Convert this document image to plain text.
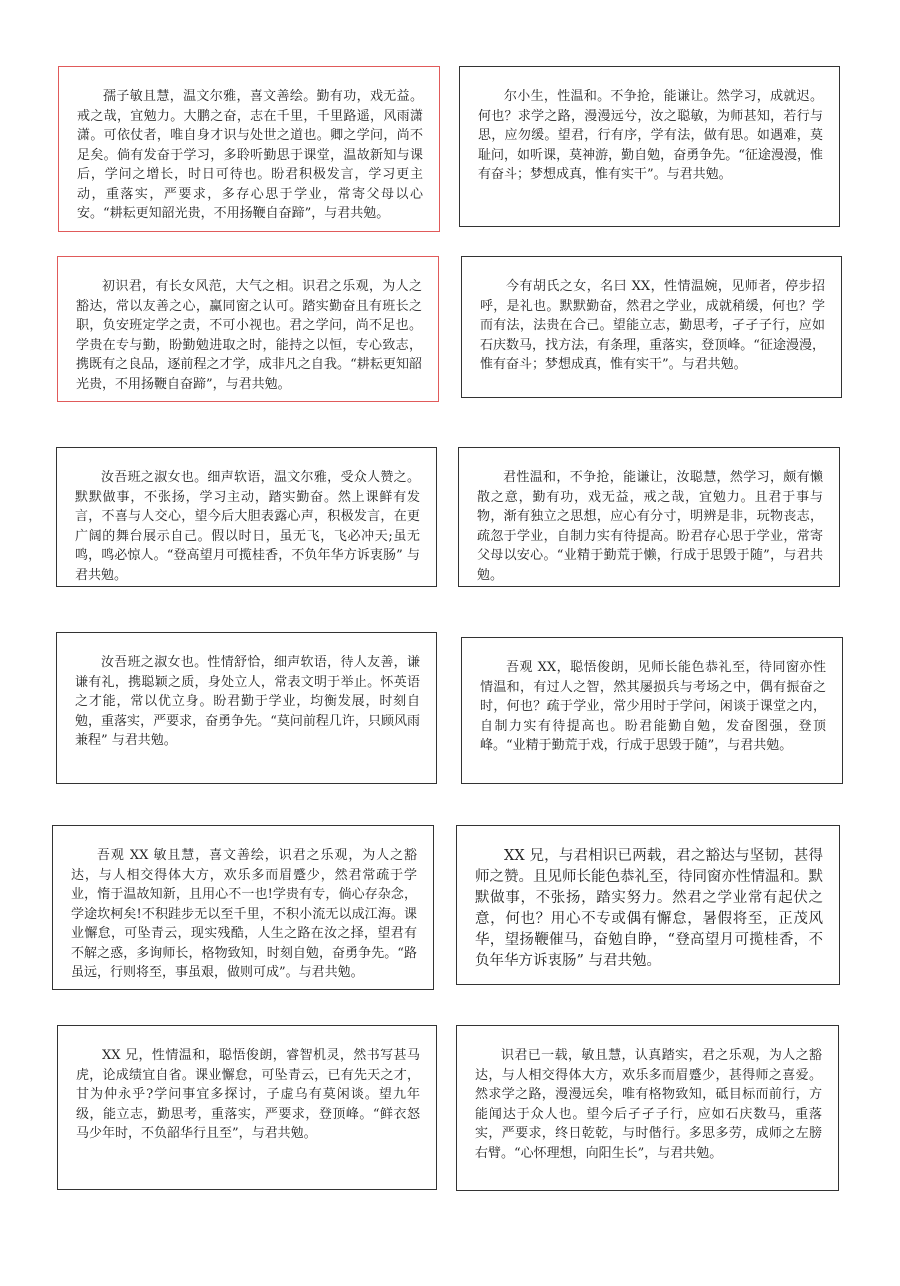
孺子敏且慧，温文尔雅，喜文善绘。勤有功，戏无益。戒之哉，宜勉力。大鹏之奋，志在千里，千里路遥，风雨潇潇。可依仗者，唯自身才识与处世之道也。卿之学问，尚不足矣。倘有发奋于学习，多聆听勤思于课堂，温故新知与课后，学问之增长，时日可待也。盼君积极发言，学习更主动，重落实，严要求，多存心思于学业，常寄父母以心安。“耕耘更知韶光贵，不用扬鞭自奋蹄”，与君共勉。

尔小生，性温和。不争抢，能谦让。然学习，成就迟。何也？求学之路，漫漫远兮，汝之聪敏，为师甚知，若行与思，应勿缓。望君，行有序，学有法，做有思。如遇难，莫耻问，如听课，莫神游，勤自勉，奋勇争先。“征途漫漫，惟有奋斗；梦想成真，惟有实干”。与君共勉。

初识君，有长女风范，大气之相。识君之乐观，为人之豁达，常以友善之心，赢同窗之认可。踏实勤奋且有班长之职，负安班定学之责，不可小视也。君之学问，尚不足也。学贵在专与勤，盼勤勉进取之时，能持之以恒，专心致志，携既有之良品，逐前程之才学，成非凡之自我。“耕耘更知韶光贵，不用扬鞭自奋蹄”，与君共勉。

今有胡氏之女，名曰 XX，性情温婉，见师者，停步招呼，是礼也。默默勤奋，然君之学业，成就稍缓，何也？学而有法，法贵在合己。望能立志，勤思考，孑孑子行，应如石庆数马，找方法，有条理，重落实，登顶峰。“征途漫漫，惟有奋斗；梦想成真，惟有实干”。与君共勉。

汝吾班之淑女也。细声软语，温文尔雅，受众人赞之。默默做事，不张扬，学习主动，踏实勤奋。然上课鲜有发言，不喜与人交心，望今后大胆表露心声，积极发言，在更广阔的舞台展示自己。假以时日，虽无飞，飞必冲天;虽无鸣，鸣必惊人。“登高望月可揽桂香，不负年华方诉衷肠” 与君共勉。

君性温和，不争抢，能谦让，汝聪慧，然学习，颇有懒散之意，勤有功，戏无益，戒之哉，宜勉力。且君于事与物，渐有独立之思想，应心有分寸，明辨是非，玩物丧志，疏忽于学业，自制力实有待提高。盼君存心思于学业，常寄父母以安心。“业精于勤荒于懒，行成于思毁于随”，与君共勉。

汝吾班之淑女也。性情舒恰，细声软语，待人友善，谦谦有礼，携聪颖之质，身处立人，常表文明于举止。怀英语之才能，常以优立身。盼君勤于学业，均衡发展，时刻自勉，重落实，严要求，奋勇争先。“莫问前程几许，只顾风雨兼程” 与君共勉。

吾观 XX，聪悟俊朗，见师长能色恭礼至，待同窗亦性情温和，有过人之智，然其屡损兵与考场之中，偶有振奋之时，何也？疏于学业，常少用时于学问，闲谈于课堂之内，自制力实有待提高也。盼君能勤自勉，发奋图强，登顶峰。“业精于勤荒于戏，行成于思毁于随”，与君共勉。

吾观 XX 敏且慧，喜文善绘，识君之乐观，为人之豁达，与人相交得体大方，欢乐多而眉蹙少，然君常疏于学业，惰于温故知新，且用心不一也!学贵有专，倘心存杂念，学途坎柯矣!不积跬步无以至千里，不积小流无以成江海。课业懈怠，可坠青云，现实残酷，人生之路在汝之择，望君有不解之惑，多询师长，格物致知，时刻自勉，奋勇争先。“路虽远，行则将至，事虽艰，做则可成”。与君共勉。

XX 兄，与君相识已两载，君之豁达与坚韧，甚得师之赞。且见师长能色恭礼至，待同窗亦性情温和。默默做事，不张扬，踏实努力。然君之学业常有起伏之意，何也？用心不专或偶有懈怠，暑假将至，正茂风华，望扬鞭催马，奋勉自睁，“登高望月可揽桂香，不负年华方诉衷肠” 与君共勉。

XX 兄，性情温和，聪悟俊朗，睿智机灵，然书写甚马虎，论成绩宜自省。课业懈怠，可坠青云，已有先天之才，甘为仲永乎?学问事宜多探讨，子虚乌有莫闲谈。望九年级，能立志，勤思考，重落实，严要求，登顶峰。“鲜衣怒马少年时，不负韶华行且至”，与君共勉。

识君已一载，敏且慧，认真踏实，君之乐观，为人之豁达，与人相交得体大方，欢乐多而眉蹙少，甚得师之喜爱。然求学之路，漫漫远矣，唯有格物致知，砥目标而前行，方能闻达于众人也。望今后孑孑子行，应如石庆数马，重落实，严要求，终日乾乾，与时偕行。多思多劳，成师之左膀右臂。“心怀理想，向阳生长”，与君共勉。
